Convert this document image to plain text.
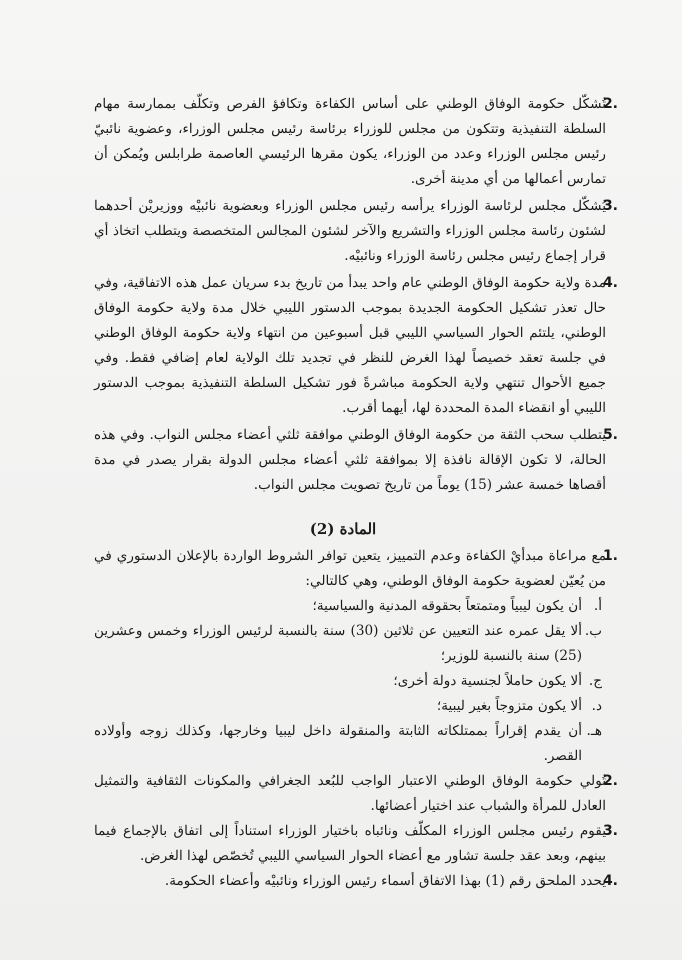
2.
تُشكّل حكومة الوفاق الوطني على أساس الكفاءة وتكافؤ الفرص وتكلّف بممارسة مهام السلطة التنفيذية وتتكون من مجلس للوزراء برئاسة رئيس مجلس الوزراء، وعضوية نائبيّ رئيس مجلس الوزراء وعدد من الوزراء، يكون مقرها الرئيسي العاصمة طرابلس ويُمكن أن تمارس أعمالها من أي مدينة أخرى.
3.
يُشكّل مجلس لرئاسة الوزراء يرأسه رئيس مجلس الوزراء وبعضوية نائبيْه ووزيريْن أحدهما لشئون رئاسة مجلس الوزراء والتشريع والآخر لشئون المجالس المتخصصة ويتطلب اتخاذ أي قرار إجماع رئيس مجلس رئاسة الوزراء ونائبيْه.
4.
مدة ولاية حكومة الوفاق الوطني عام واحد يبدأ من تاريخ بدء سريان عمل هذه الاتفاقية، وفي حال تعذر تشكيل الحكومة الجديدة بموجب الدستور الليبي خلال مدة ولاية حكومة الوفاق الوطني، يلتئم الحوار السياسي الليبي قبل أسبوعين من انتهاء ولاية حكومة الوفاق الوطني في جلسة تعقد خصيصاً لهذا الغرض للنظر في تجديد تلك الولاية لعام إضافي فقط. وفي جميع الأحوال تنتهي ولاية الحكومة مباشرةً فور تشكيل السلطة التنفيذية بموجب الدستور الليبي أو انقضاء المدة المحددة لها، أيهما أقرب.
5.
يتطلب سحب الثقة من حكومة الوفاق الوطني موافقة ثلثي أعضاء مجلس النواب. وفي هذه الحالة، لا تكون الإقالة نافذة إلا بموافقة ثلثي أعضاء مجلس الدولة بقرار يصدر في مدة أقصاها خمسة عشر (15) يوماً من تاريخ تصويت مجلس النواب.
المادة (2)
1.
مع مراعاة مبدأيْ الكفاءة وعدم التمييز، يتعين توافر الشروط الواردة بالإعلان الدستوري في من يُعيّن لعضوية حكومة الوفاق الوطني، وهي كالتالي:
أ.
أن يكون ليبياً ومتمتعاً بحقوقه المدنية والسياسية؛
ب.
ألا يقل عمره عند التعيين عن ثلاثين (30) سنة بالنسبة لرئيس الوزراء وخمس وعشرين (25) سنة بالنسبة للوزير؛
ج.
ألا يكون حاملاً لجنسية دولة أخرى؛
د.
ألا يكون متزوجاً بغير ليبية؛
هـ.
أن يقدم إقراراً بممتلكاته الثابتة والمنقولة داخل ليبيا وخارجها، وكذلك زوجه وأولاده القصر.
2.
تُولي حكومة الوفاق الوطني الاعتبار الواجب للبُعد الجغرافي والمكونات الثقافية والتمثيل العادل للمرأة والشباب عند اختيار أعضائها.
3.
يقوم رئيس مجلس الوزراء المكلّف ونائباه باختيار الوزراء استناداً إلى اتفاق بالإجماع فيما بينهم، وبعد عقد جلسة تشاور مع أعضاء الحوار السياسي الليبي تُخصّص لهذا الغرض.
4.
يحدد الملحق رقم (1) بهذا الاتفاق أسماء رئيس الوزراء ونائبيْه وأعضاء الحكومة.
